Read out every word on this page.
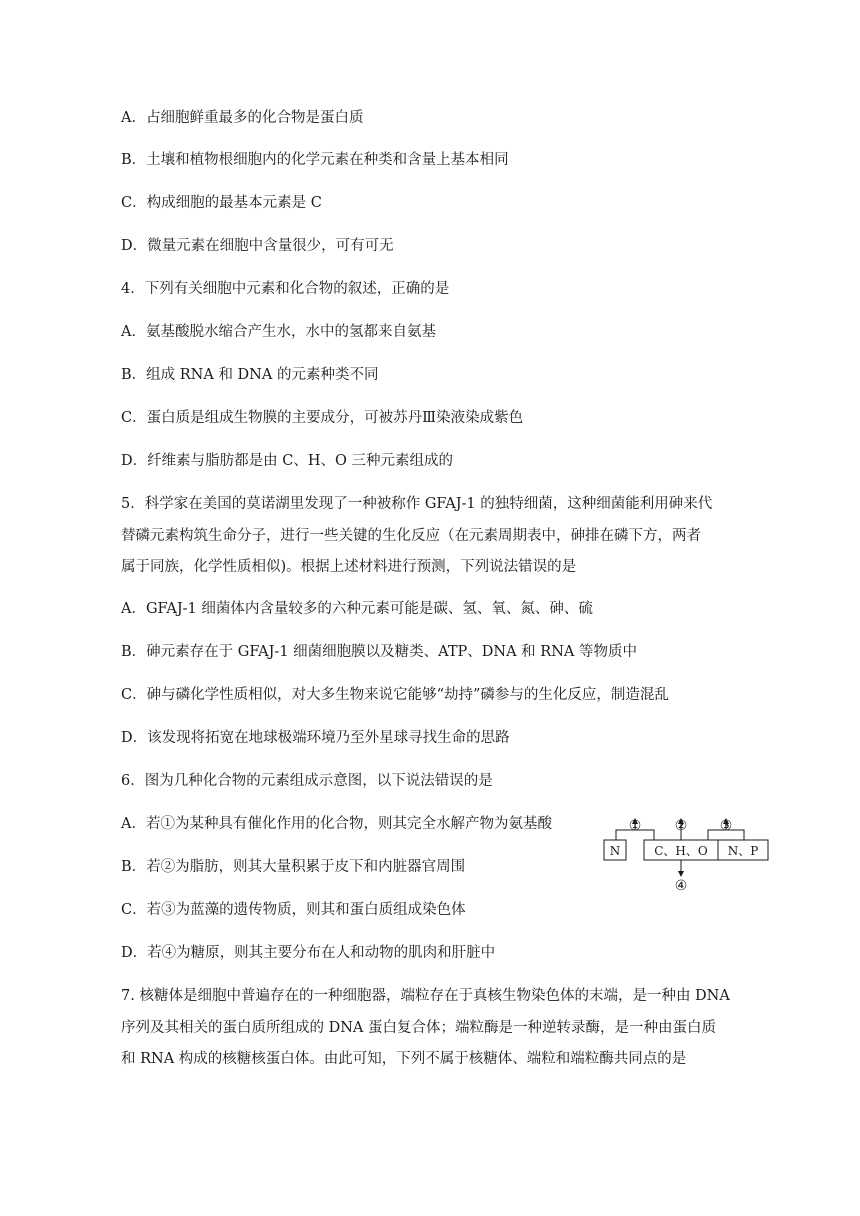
A．占细胞鲜重最多的化合物是蛋白质

B．土壤和植物根细胞内的化学元素在种类和含量上基本相同

C．构成细胞的最基本元素是 C

D．微量元素在细胞中含量很少，可有可无

4．下列有关细胞中元素和化合物的叙述，正确的是

A．氨基酸脱水缩合产生水，水中的氢都来自氨基

B．组成 RNA 和 DNA 的元素种类不同

C．蛋白质是组成生物膜的主要成分，可被苏丹Ⅲ染液染成紫色

D．纤维素与脂肪都是由 C、H、O 三种元素组成的

5．科学家在美国的莫诺湖里发现了一种被称作 GFAJ-1 的独特细菌，这种细菌能利用砷来代

替磷元素构筑生命分子，进行一些关键的生化反应（在元素周期表中，砷排在磷下方，两者

属于同族，化学性质相似)。根据上述材料进行预测，下列说法错误的是

A．GFAJ-1 细菌体内含量较多的六种元素可能是碳、氢、氧、氮、砷、硫

B．砷元素存在于 GFAJ-1 细菌细胞膜以及糖类、ATP、DNA 和 RNA 等物质中

C．砷与磷化学性质相似，对大多生物来说它能够“劫持”磷参与的生化反应，制造混乱

D．该发现将拓宽在地球极端环境乃至外星球寻找生命的思路

6．图为几种化合物的元素组成示意图，以下说法错误的是

A．若①为某种具有催化作用的化合物，则其完全水解产物为氨基酸

B．若②为脂肪，则其大量积累于皮下和内脏器官周围

C．若③为蓝藻的遗传物质，则其和蛋白质组成染色体

D．若④为糖原，则其主要分布在人和动物的肌肉和肝脏中

7. 核糖体是细胞中普遍存在的一种细胞器，端粒存在于真核生物染色体的末端，是一种由 DNA

序列及其相关的蛋白质所组成的 DNA 蛋白复合体；端粒酶是一种逆转录酶，是一种由蛋白质

和 RNA 构成的核糖核蛋白体。由此可知，下列不属于核糖体、端粒和端粒酶共同点的是

N	C、H、O N、P
① ② ③
④
